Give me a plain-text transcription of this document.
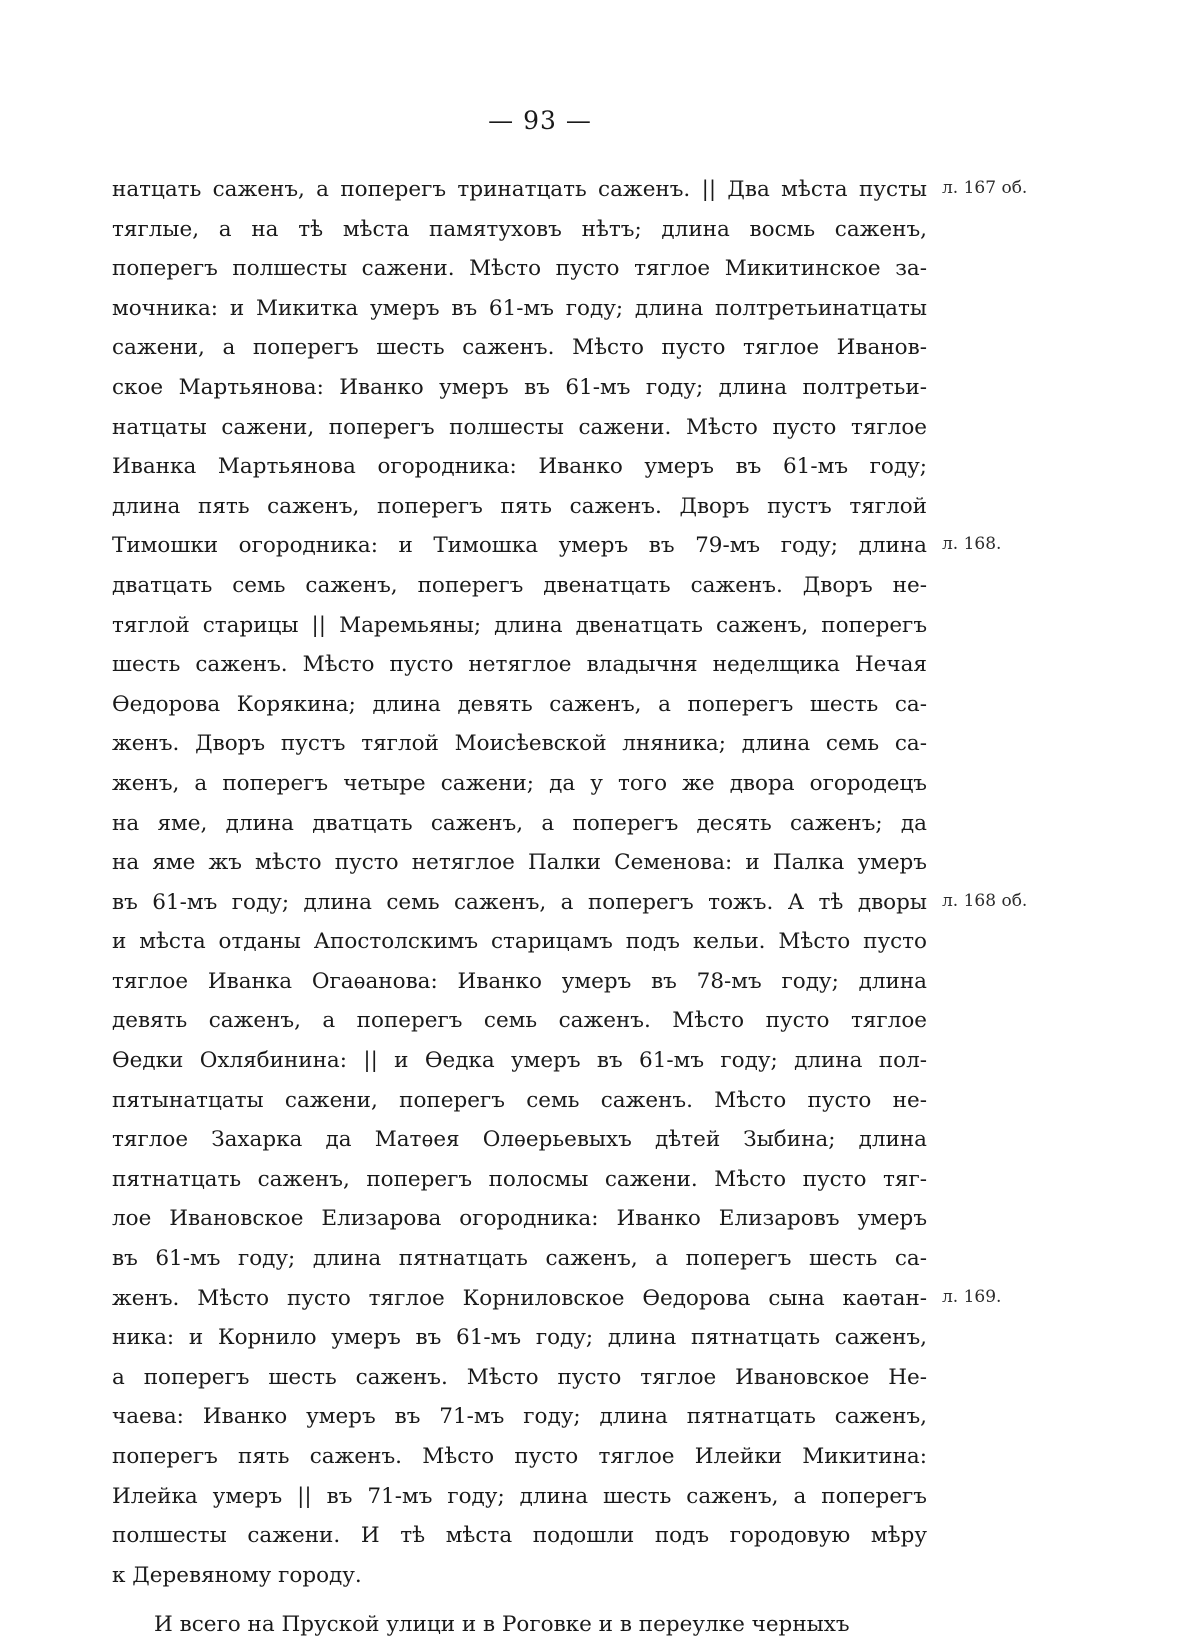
— 93 —
натцать саженъ, а поперегъ тринатцать саженъ. || Два мѣста пусты
тяглые, а на тѣ мѣста памятуховъ нѣтъ; длина восмь саженъ,
поперегъ полшесты сажени. Мѣсто пусто тяглое Микитинское за-
мочника: и Микитка умеръ въ 61-мъ году; длина полтретьинатцаты
сажени, а поперегъ шесть саженъ. Мѣсто пусто тяглое Иванов-
ское Мартьянова: Иванко умеръ въ 61-мъ году; длина полтретьи-
натцаты сажени, поперегъ полшесты сажени. Мѣсто пусто тяглое
Иванка Мартьянова огородника: Иванко умеръ въ 61-мъ году;
длина пять саженъ, поперегъ пять саженъ. Дворъ пустъ тяглой
Тимошки огородника: и Тимошка умеръ въ 79-мъ году; длина
дватцать семь саженъ, поперегъ двенатцать саженъ. Дворъ не-
тяглой старицы || Маремьяны; длина двенатцать саженъ, поперегъ
шесть саженъ. Мѣсто пусто нетяглое владычня неделщика Нечая
Ѳедорова Корякина; длина девять саженъ, а поперегъ шесть са-
женъ. Дворъ пустъ тяглой Моисѣевской лняника; длина семь са-
женъ, а поперегъ четыре сажени; да у того же двора огородецъ
на яме, длина дватцать саженъ, а поперегъ десять саженъ; да
на яме жъ мѣсто пусто нетяглое Палки Семенова: и Палка умеръ
въ 61-мъ году; длина семь саженъ, а поперегъ тожъ. А тѣ дворы
и мѣста отданы Апостолскимъ старицамъ подъ кельи. Мѣсто пусто
тяглое Иванка Огаѳанова: Иванко умеръ въ 78-мъ году; длина
девять саженъ, а поперегъ семь саженъ. Мѣсто пусто тяглое
Ѳедки Охлябинина: || и Ѳедка умеръ въ 61-мъ году; длина пол-
пятынатцаты сажени, поперегъ семь саженъ. Мѣсто пусто не-
тяглое Захарка да Матѳея Олѳерьевыхъ дѣтей Зыбина; длина
пятнатцать саженъ, поперегъ полосмы сажени. Мѣсто пусто тяг-
лое Ивановское Елизарова огородника: Иванко Елизаровъ умеръ
въ 61-мъ году; длина пятнатцать саженъ, а поперегъ шесть са-
женъ. Мѣсто пусто тяглое Корниловское Ѳедорова сына каѳтан-
ника: и Корнило умеръ въ 61-мъ году; длина пятнатцать саженъ,
а поперегъ шесть саженъ. Мѣсто пусто тяглое Ивановское Не-
чаева: Иванко умеръ въ 71-мъ году; длина пятнатцать саженъ,
поперегъ пять саженъ. Мѣсто пусто тяглое Илейки Микитина:
Илейка умеръ || въ 71-мъ году; длина шесть саженъ, а поперегъ
полшесты сажени. И тѣ мѣста подошли подъ городовую мѣру
к Деревяному городу.
И всего на Пруской улици и в Роговке и в переулке черныхъ
л. 167 об.
л. 168.
л. 168 об.
л. 169.
